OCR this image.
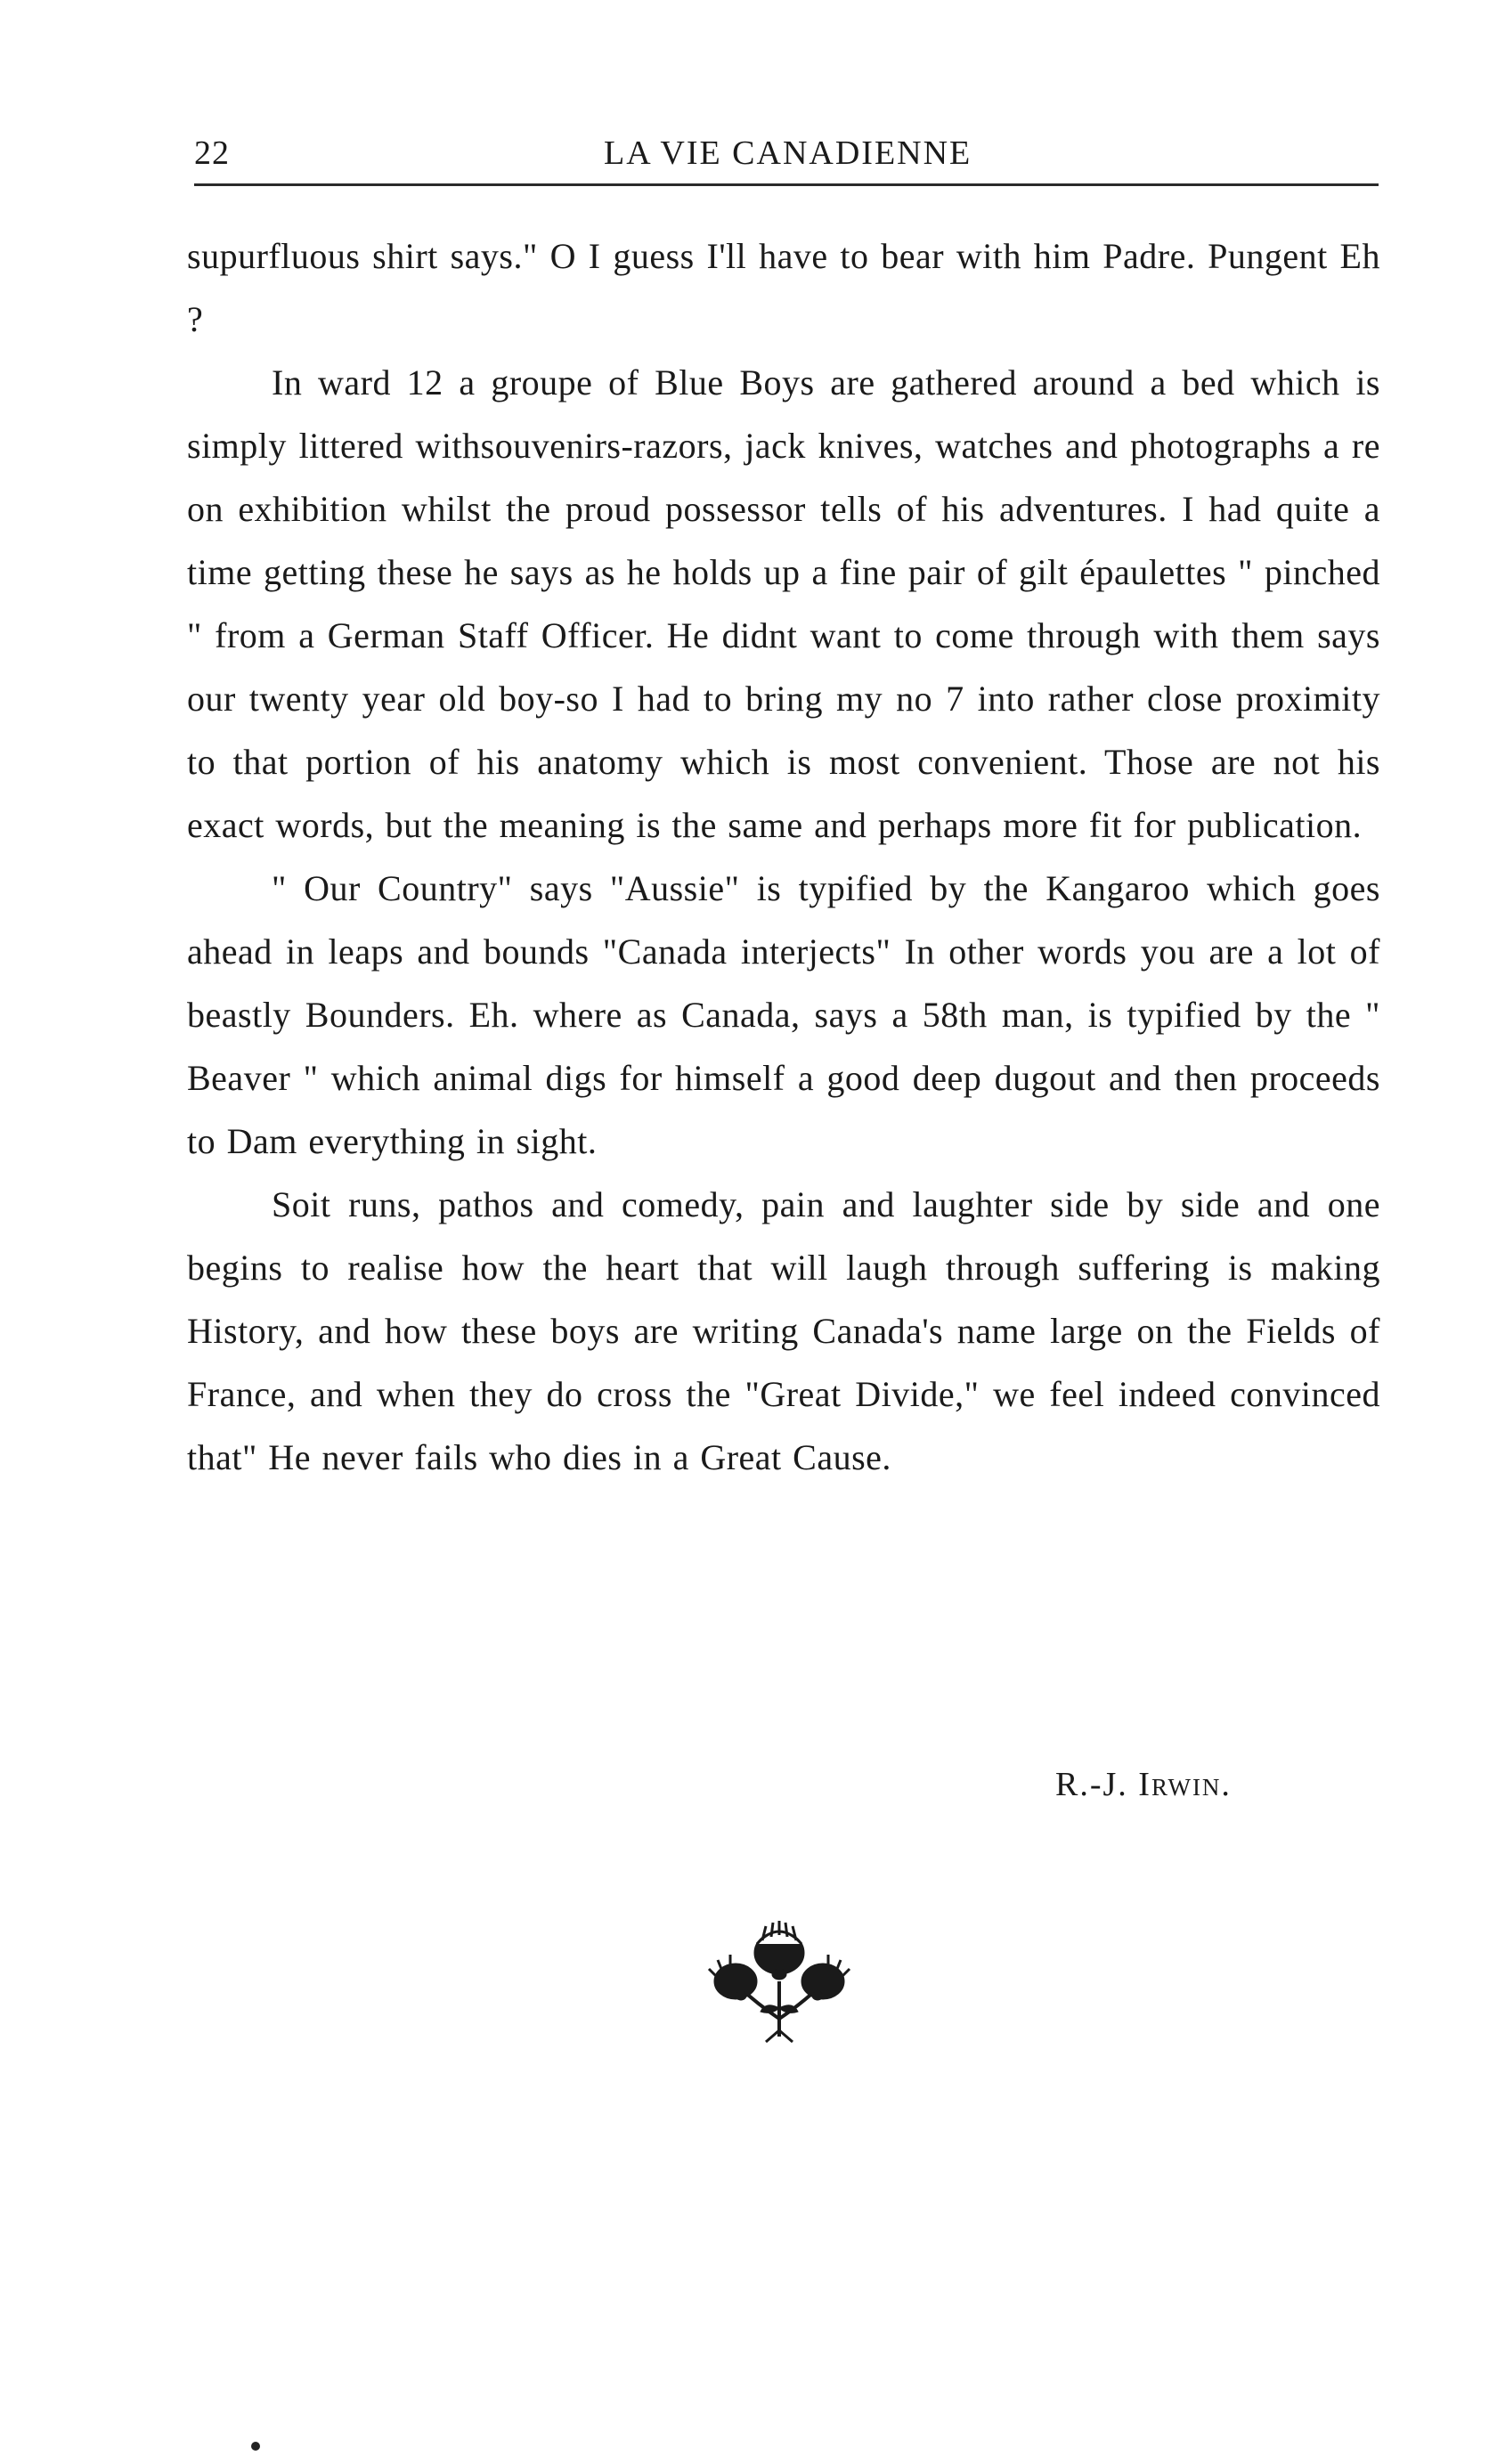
22	LA VIE CANADIENNE

supurfluous shirt says." O I guess I'll have to bear with him Padre. Pungent Eh ?

In ward 12 a groupe of Blue Boys are gathered around a bed which is simply littered withsouvenirs-razors, jack knives, watches and photographs a re on exhibition whilst the proud possessor tells of his adventures. I had quite a time getting these he says as he holds up a fine pair of gilt épaulettes " pinched " from a German Staff Officer. He didnt want to come through with them says our twenty year old boy-so I had to bring my no 7 into rather close proximity to that portion of his anatomy which is most convenient. Those are not his exact words, but the meaning is the same and perhaps more fit for publication.

" Our Country" says "Aussie" is typified by the Kangaroo which goes ahead in leaps and bounds "Canada interjects" In other words you are a lot of beastly Bounders. Eh. where as Canada, says a 58th man, is typified by the " Beaver " which animal digs for himself a good deep dugout and then proceeds to Dam everything in sight.

Soit runs, pathos and comedy, pain and laughter side by side and one begins to realise how the heart that will laugh through suffering is making History, and how these boys are writing Canada's name large on the Fields of France, and when they do cross the "Great Divide," we feel indeed convinced that" He never fails who dies in a Great Cause.

R.-J. Irwin.
